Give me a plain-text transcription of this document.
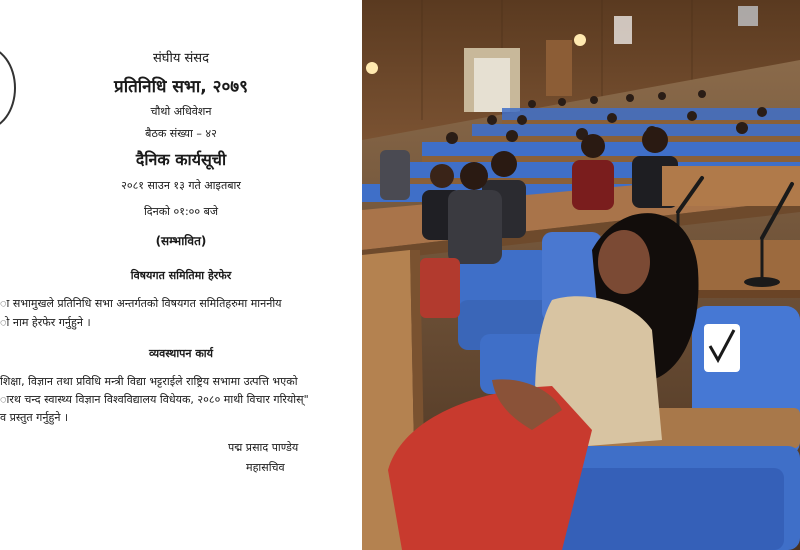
संघीय संसद
प्रतिनिधि सभा, २०७९
चौथो अधिवेशन
बैठक संख्या – ४२
दैनिक कार्यसूची
२०८१ साउन १३ गते आइतबार
दिनको ०१:०० बजे
(सम्भावित)
विषयगत समितिमा हेरफेर
ा सभामुखले प्रतिनिधि सभा अन्तर्गतको विषयगत समितिहरुमा माननीय
ो नाम हेरफेर गर्नुहुने ।
व्यवस्थापन कार्य
शिक्षा, विज्ञान तथा प्रविधि मन्त्री विद्या भट्टराईले राष्ट्रिय सभामा उत्पत्ति भएको
ारथ चन्द स्वास्थ्य विज्ञान विश्वविद्यालय विधेयक, २०८० माथी विचार गरियोस्"
व प्रस्तुत गर्नुहुने ।
पद्म प्रसाद पाण्डेय
महासचिव
